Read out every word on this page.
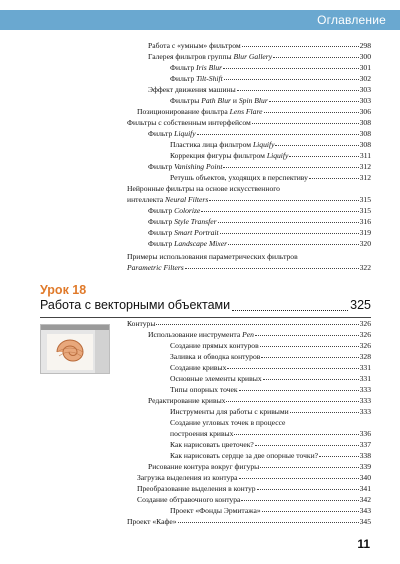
Оглавление
Работа с «умным» фильтром	298
Галерея фильтров группы Blur Gallery	300
Фильтр Iris Blur	301
Фильтр Tilt-Shift	302
Эффект движения машины	303
Фильтры Path Blur и Spin Blur	303
Позиционирование фильтра Lens Flare	306
Фильтры с собственным интерфейсом	308
Фильтр Liquify	308
Пластика лица фильтром Liquify	308
Коррекция фигуры фильтром Liquify	311
Фильтр Vanishing Point	312
Ретушь объектов, уходящих в перспективу	312
Нейронные фильтры на основе искусственного
интеллекта Neural Filters	315
Фильтр Colorize	315
Фильтр Style Transfer	316
Фильтр Smart Portrait	319
Фильтр Landscape Mixer	320
Примеры использования параметрических фильтров
Parametric Filters	322
Урок 18
Работа с векторными объектами	325
Контуры	326
Использование инструмента Pen	326
Создание прямых контуров	326
Заливка и обводка контуров	328
Создание кривых	331
Основные элементы кривых	331
Типы опорных точек	333
Редактирование кривых	333
Инструменты для работы с кривыми	333
Создание угловых точек в процессе
построения кривых	336
Как нарисовать цветочек?	337
Как нарисовать сердце за две опорные точки?	338
Рисование контура вокруг фигуры	339
Загрузка выделения из контура	340
Преобразование выделения в контур	341
Создание обтравочного контура	342
Проект «Фонды Эрмитажа»	343
Проект «Кафе»	345
11
